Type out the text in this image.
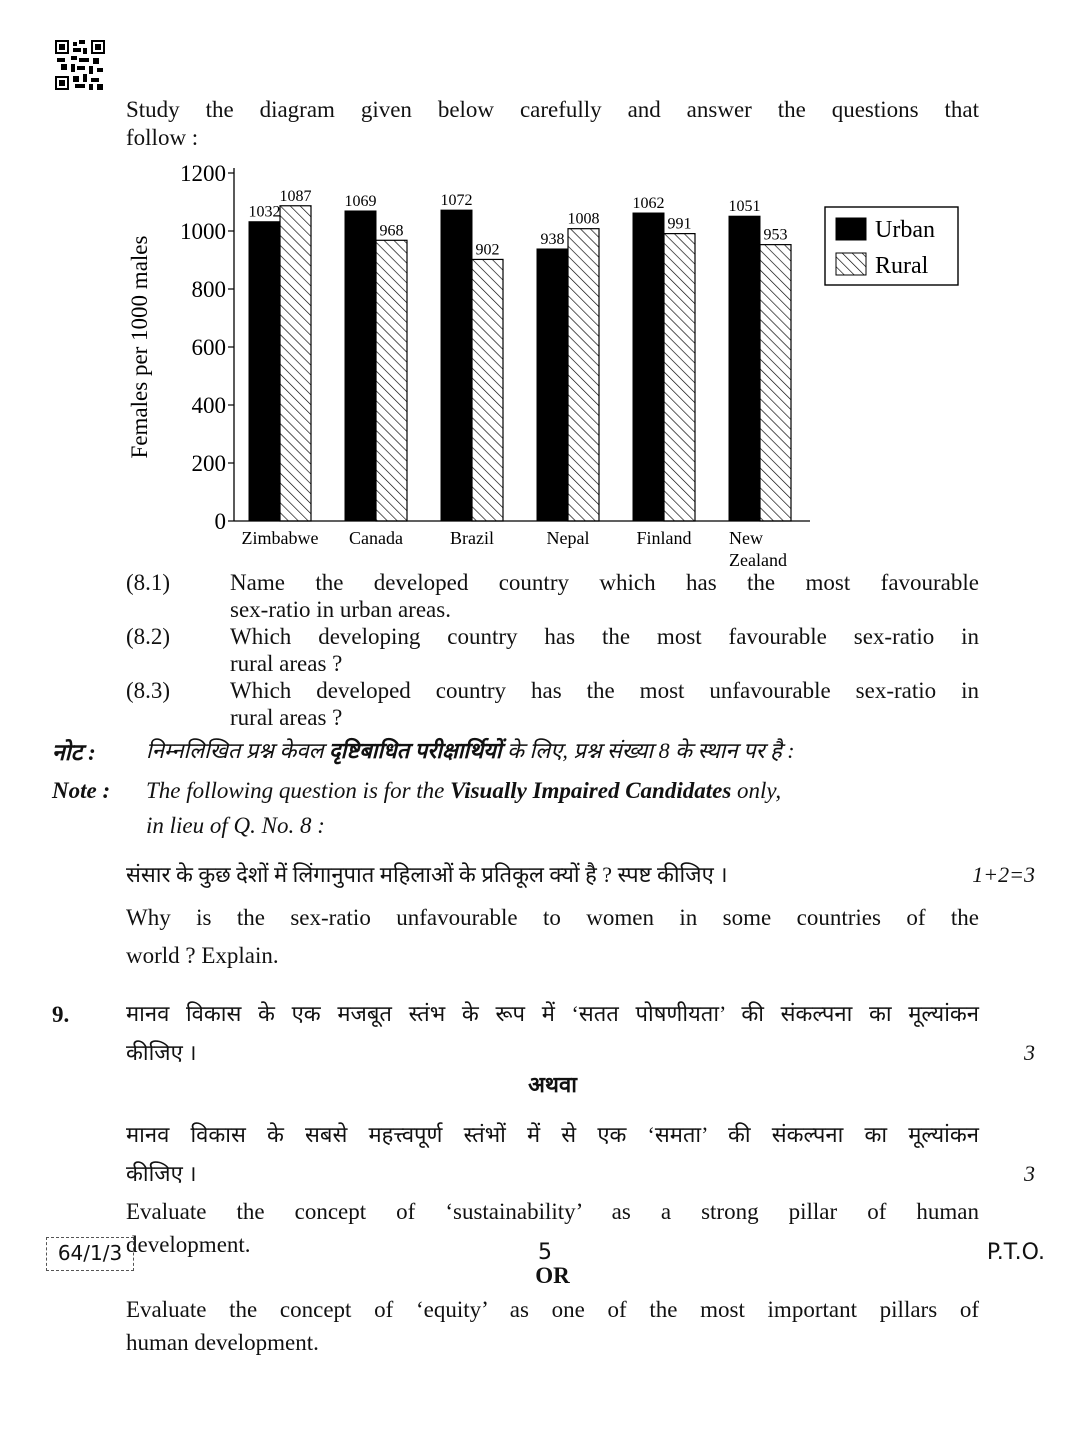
Study the diagram given below carefully and answer the questions that
follow :
0
200
400
600
800
1000
1200
Females per 1000 males
1032
1087
Zimbabwe
1069
968
Canada
1072
902
Brazil
938
1008
Nepal
1062
991
Finland
1051
953
New
Zealand
Urban
Rural
(8.1)	Name the developed country which has the most favourable
sex-ratio in urban areas.
(8.2)	Which developing country has the most favourable sex-ratio in
rural areas ?
(8.3)	Which developed country has the most unfavourable sex-ratio in
rural areas ?
नोट : निम्नलिखित प्रश्न केवल दृष्टिबाधित परीक्षार्थियों के लिए, प्रश्न संख्या 8 के स्थान पर है :
Note : The following question is for the Visually Impaired Candidates only,
in lieu of Q. No. 8 :
संसार के कुछ देशों में लिंगानुपात महिलाओं के प्रतिकूल क्यों है ? स्पष्ट कीजिए ।	1+2=3
Why is the sex-ratio unfavourable to women in some countries of the
world ? Explain.
9.	मानव विकास के एक मजबूत स्तंभ के रूप में ‘सतत पोषणीयता’ की संकल्पना का मूल्यांकन
कीजिए ।	3
अथवा
मानव विकास के सबसे महत्त्वपूर्ण स्तंभों में से एक ‘समता’ की संकल्पना का मूल्यांकन
कीजिए ।	3
Evaluate the concept of ‘sustainability’ as a strong pillar of human
development.
OR
Evaluate the concept of ‘equity’ as one of the most important pillars of
human development.
64/1/3	5	P.T.O.
